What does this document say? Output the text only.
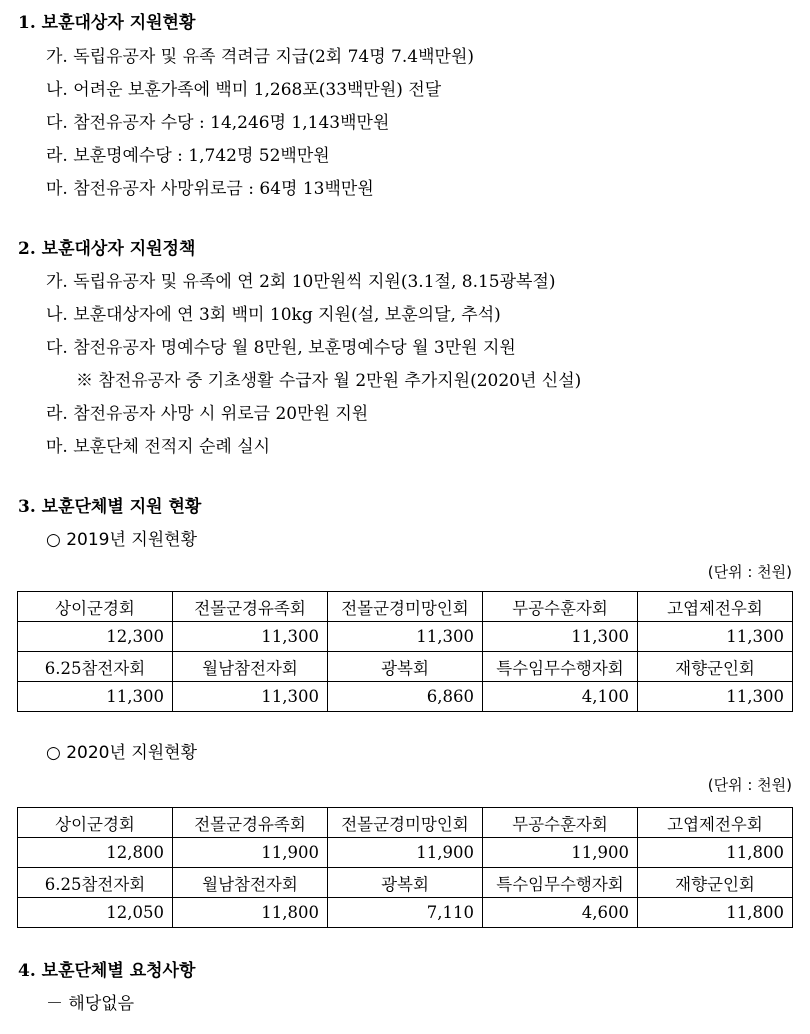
1. 보훈대상자 지원현황
가. 독립유공자 및 유족 격려금 지급(2회 74명 7.4백만원)
나. 어려운 보훈가족에 백미 1,268포(33백만원) 전달
다. 참전유공자 수당 : 14,246명 1,143백만원
라. 보훈명예수당 : 1,742명 52백만원
마. 참전유공자 사망위로금 : 64명 13백만원
2. 보훈대상자 지원정책
가. 독립유공자 및 유족에 연 2회 10만원씩 지원(3.1절, 8.15광복절)
나. 보훈대상자에 연 3회 백미 10kg 지원(설, 보훈의달, 추석)
다. 참전유공자 명예수당 월 8만원, 보훈명예수당 월 3만원 지원
※ 참전유공자 중 기초생활 수급자 월 2만원 추가지원(2020년 신설)
라. 참전유공자 사망 시 위로금 20만원 지원
마. 보훈단체 전적지 순례 실시
3. 보훈단체별 지원 현황
○ 2019년 지원현황
(단위 : 천원)
상이군경회	전몰군경유족회	전몰군경미망인회	무공수훈자회	고엽제전우회
12,300	11,300	11,300	11,300	11,300
6.25참전자회	월남참전자회	광복회	특수임무수행자회	재향군인회
11,300	11,300	6,860	4,100	11,300
○ 2020년 지원현황
(단위 : 천원)
상이군경회	전몰군경유족회	전몰군경미망인회	무공수훈자회	고엽제전우회
12,800	11,900	11,900	11,900	11,800
6.25참전자회	월남참전자회	광복회	특수임무수행자회	재향군인회
12,050	11,800	7,110	4,600	11,800
4. 보훈단체별 요청사항
－ 해당없음
